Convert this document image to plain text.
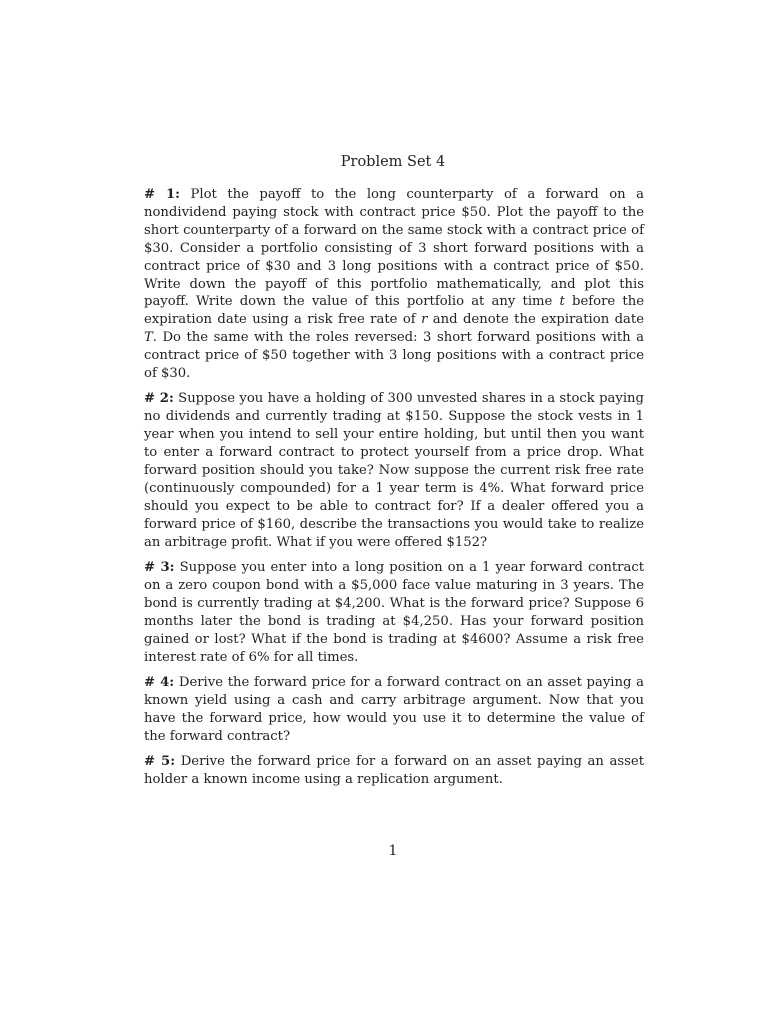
Problem Set 4

# 1: Plot the payoff to the long counterparty of a forward on a nondividend paying stock with contract price $50. Plot the payoff to the short counterparty of a forward on the same stock with a contract price of $30. Consider a portfolio consisting of 3 short forward positions with a contract price of $30 and 3 long positions with a contract price of $50. Write down the payoff of this portfolio mathematically, and plot this payoff. Write down the value of this portfolio at any time t before the expiration date using a risk free rate of r and denote the expiration date T. Do the same with the roles reversed: 3 short forward positions with a contract price of $50 together with 3 long positions with a contract price of $30.

# 2: Suppose you have a holding of 300 unvested shares in a stock paying no dividends and currently trading at $150. Suppose the stock vests in 1 year when you intend to sell your entire holding, but until then you want to enter a forward contract to protect yourself from a price drop. What forward position should you take? Now suppose the current risk free rate (continuously compounded) for a 1 year term is 4%. What forward price should you expect to be able to contract for? If a dealer offered you a forward price of $160, describe the transactions you would take to realize an arbitrage profit. What if you were offered $152?

# 3: Suppose you enter into a long position on a 1 year forward contract on a zero coupon bond with a $5,000 face value maturing in 3 years. The bond is currently trading at $4,200. What is the forward price? Suppose 6 months later the bond is trading at $4,250. Has your forward position gained or lost? What if the bond is trading at $4600? Assume a risk free interest rate of 6% for all times.

# 4: Derive the forward price for a forward contract on an asset paying a known yield using a cash and carry arbitrage argument. Now that you have the forward price, how would you use it to determine the value of the forward contract?

# 5: Derive the forward price for a forward on an asset paying an asset holder a known income using a replication argument.

1
